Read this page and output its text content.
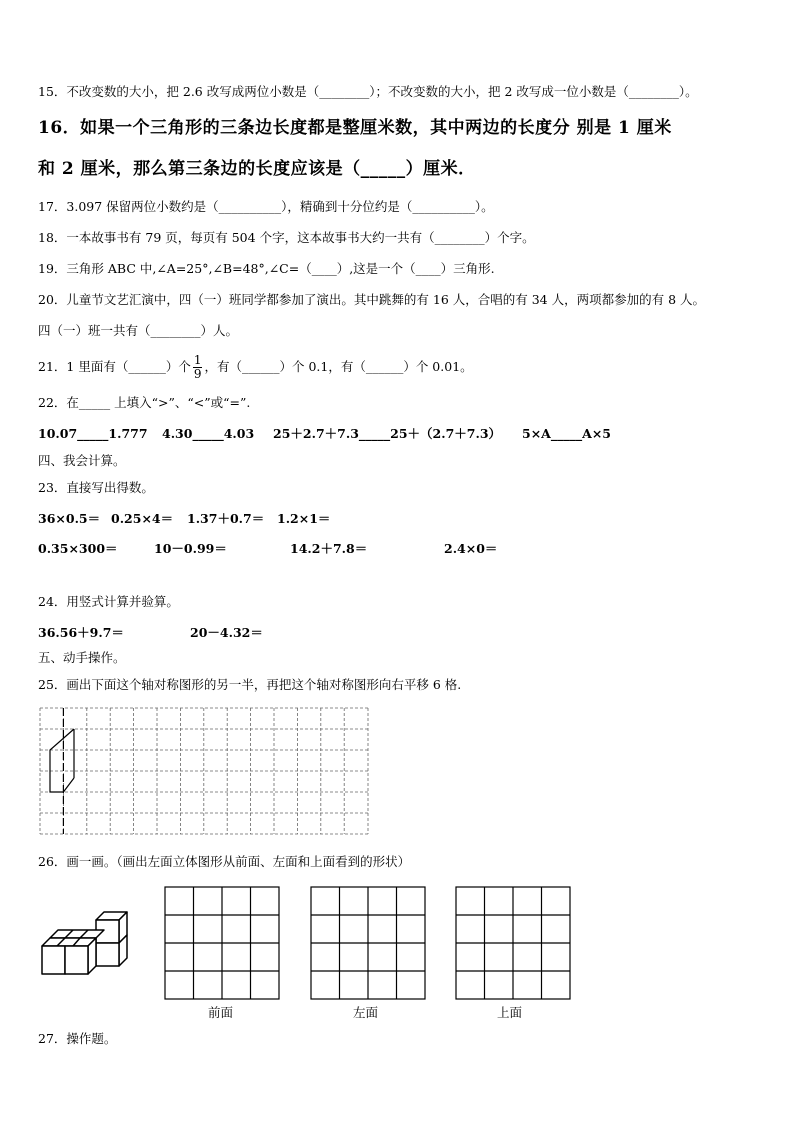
15．不改变数的大小，把 2.6 改写成两位小数是（________）；不改变数的大小，把 2 改写成一位小数是（________）。
16．如果一个三角形的三条边长度都是整厘米数，其中两边的长度分 别是 1 厘米
和 2 厘米，那么第三条边的长度应该是（_____）厘米．
17．3.097 保留两位小数约是（__________），精确到十分位约是（__________）。
18．一本故事书有 79 页，每页有 504 个字，这本故事书大约一共有（________）个字。
19．三角形 ABC 中,∠A=25°,∠B=48°,∠C=（____）,这是一个（____）三角形.
20．儿童节文艺汇演中，四（一）班同学都参加了演出。其中跳舞的有 16 人，合唱的有 34 人，两项都参加的有 8 人。
四（一）班一共有（________）人。
21．1 里面有（______）个 $\frac{1}{9}$ ，有（______）个 0.1，有（______）个 0.01。
22．在_____ 上填入“>”、“<”或“=”.
10.07_____1.777 4.30_____4.03 25＋2.7＋7.3_____25＋（2.7＋7.3） 5×A_____A×5
四、我会计算。
23．直接写出得数。
36×0.5＝ 0.25×4＝ 1.37＋0.7＝ 1.2×1＝
0.35×300＝	10－0.99＝	14.2＋7.8＝	2.4×0＝
24．用竖式计算并验算。
36.56＋9.7＝	20－4.32＝
五、动手操作。
25．画出下面这个轴对称图形的另一半，再把这个轴对称图形向右平移 6 格.
26．画一画。（画出左面立体图形从前面、左面和上面看到的形状）
前面	左面	上面
27．操作题。
